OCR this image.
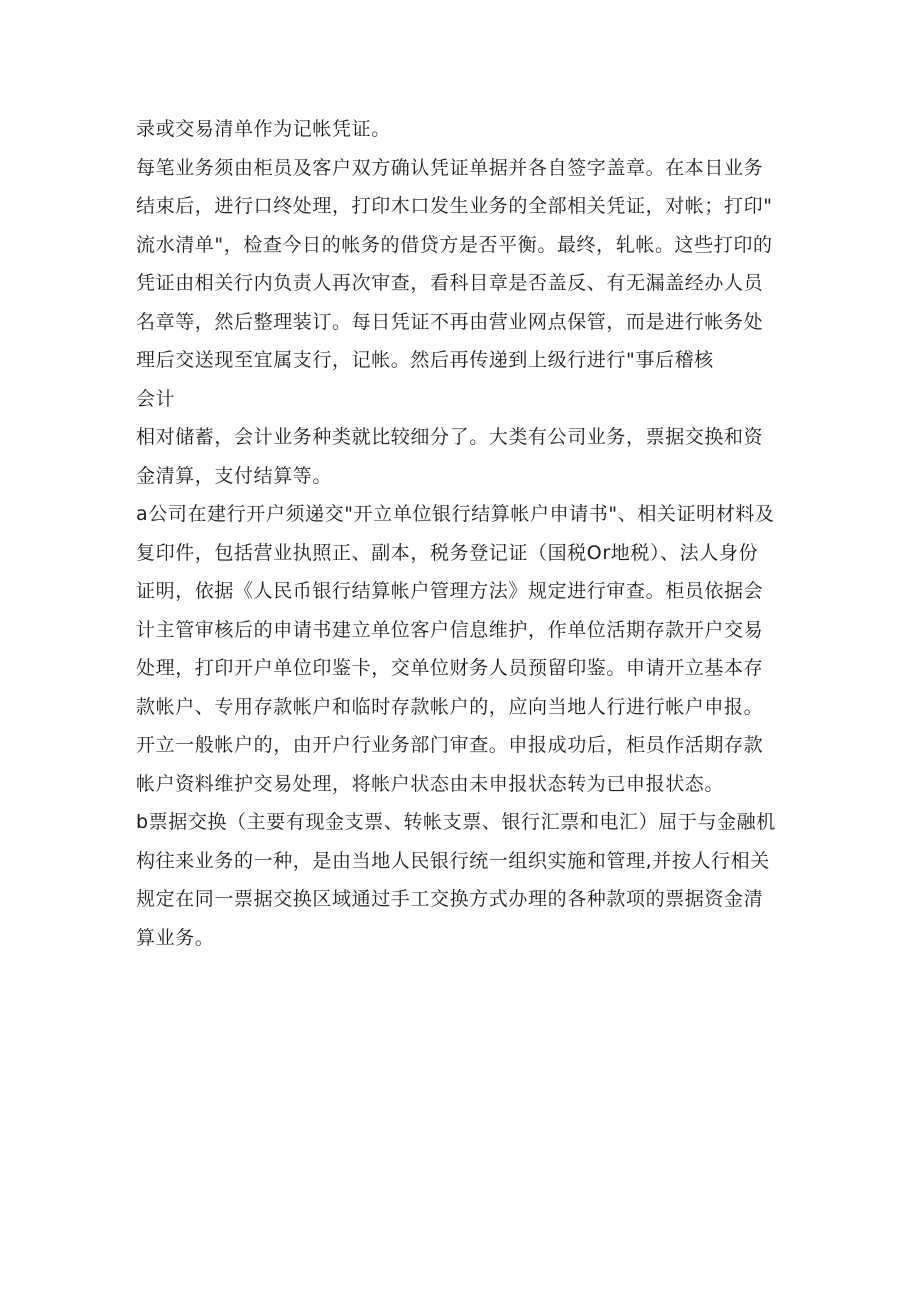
录或交易清单作为记帐凭证。
每笔业务须由柜员及客户双方确认凭证单据并各自签字盖章。在本日业务
结束后，进行口终处理，打印木口发生业务的全部相关凭证，对帐；打印"
流水清单"，检查今日的帐务的借贷方是否平衡。最终，轧帐。这些打印的
凭证由相关行内负责人再次审查，看科目章是否盖反、有无漏盖经办人员
名章等，然后整理装订。每日凭证不再由营业网点保管，而是进行帐务处
理后交送现至宜属支行，记帐。然后再传递到上级行进行"事后稽核
会计
相对储蓄，会计业务种类就比较细分了。大类有公司业务，票据交换和资
金清算，支付结算等。
a公司在建行开户须递交"开立单位银行结算帐户申请书"、相关证明材料及
复印件，包括营业执照正、副本，税务登记证（国税Or地税）、法人身份
证明，依据《人民币银行结算帐户管理方法》规定进行审查。柜员依据会
计主管审核后的申请书建立单位客户信息维护，作单位活期存款开户交易
处理，打印开户单位印鉴卡，交单位财务人员预留印鉴。申请开立基本存
款帐户、专用存款帐户和临时存款帐户的，应向当地人行进行帐户申报。
开立一般帐户的，由开户行业务部门审查。申报成功后，柜员作活期存款
帐户资料维护交易处理，将帐户状态由未申报状态转为已申报状态。
b票据交换（主要有现金支票、转帐支票、银行汇票和电汇）屈于与金融机
构往来业务的一种，是由当地人民银行统一组织实施和管理,并按人行相关
规定在同一票据交换区域通过手工交换方式办理的各种款项的票据资金清
算业务。
